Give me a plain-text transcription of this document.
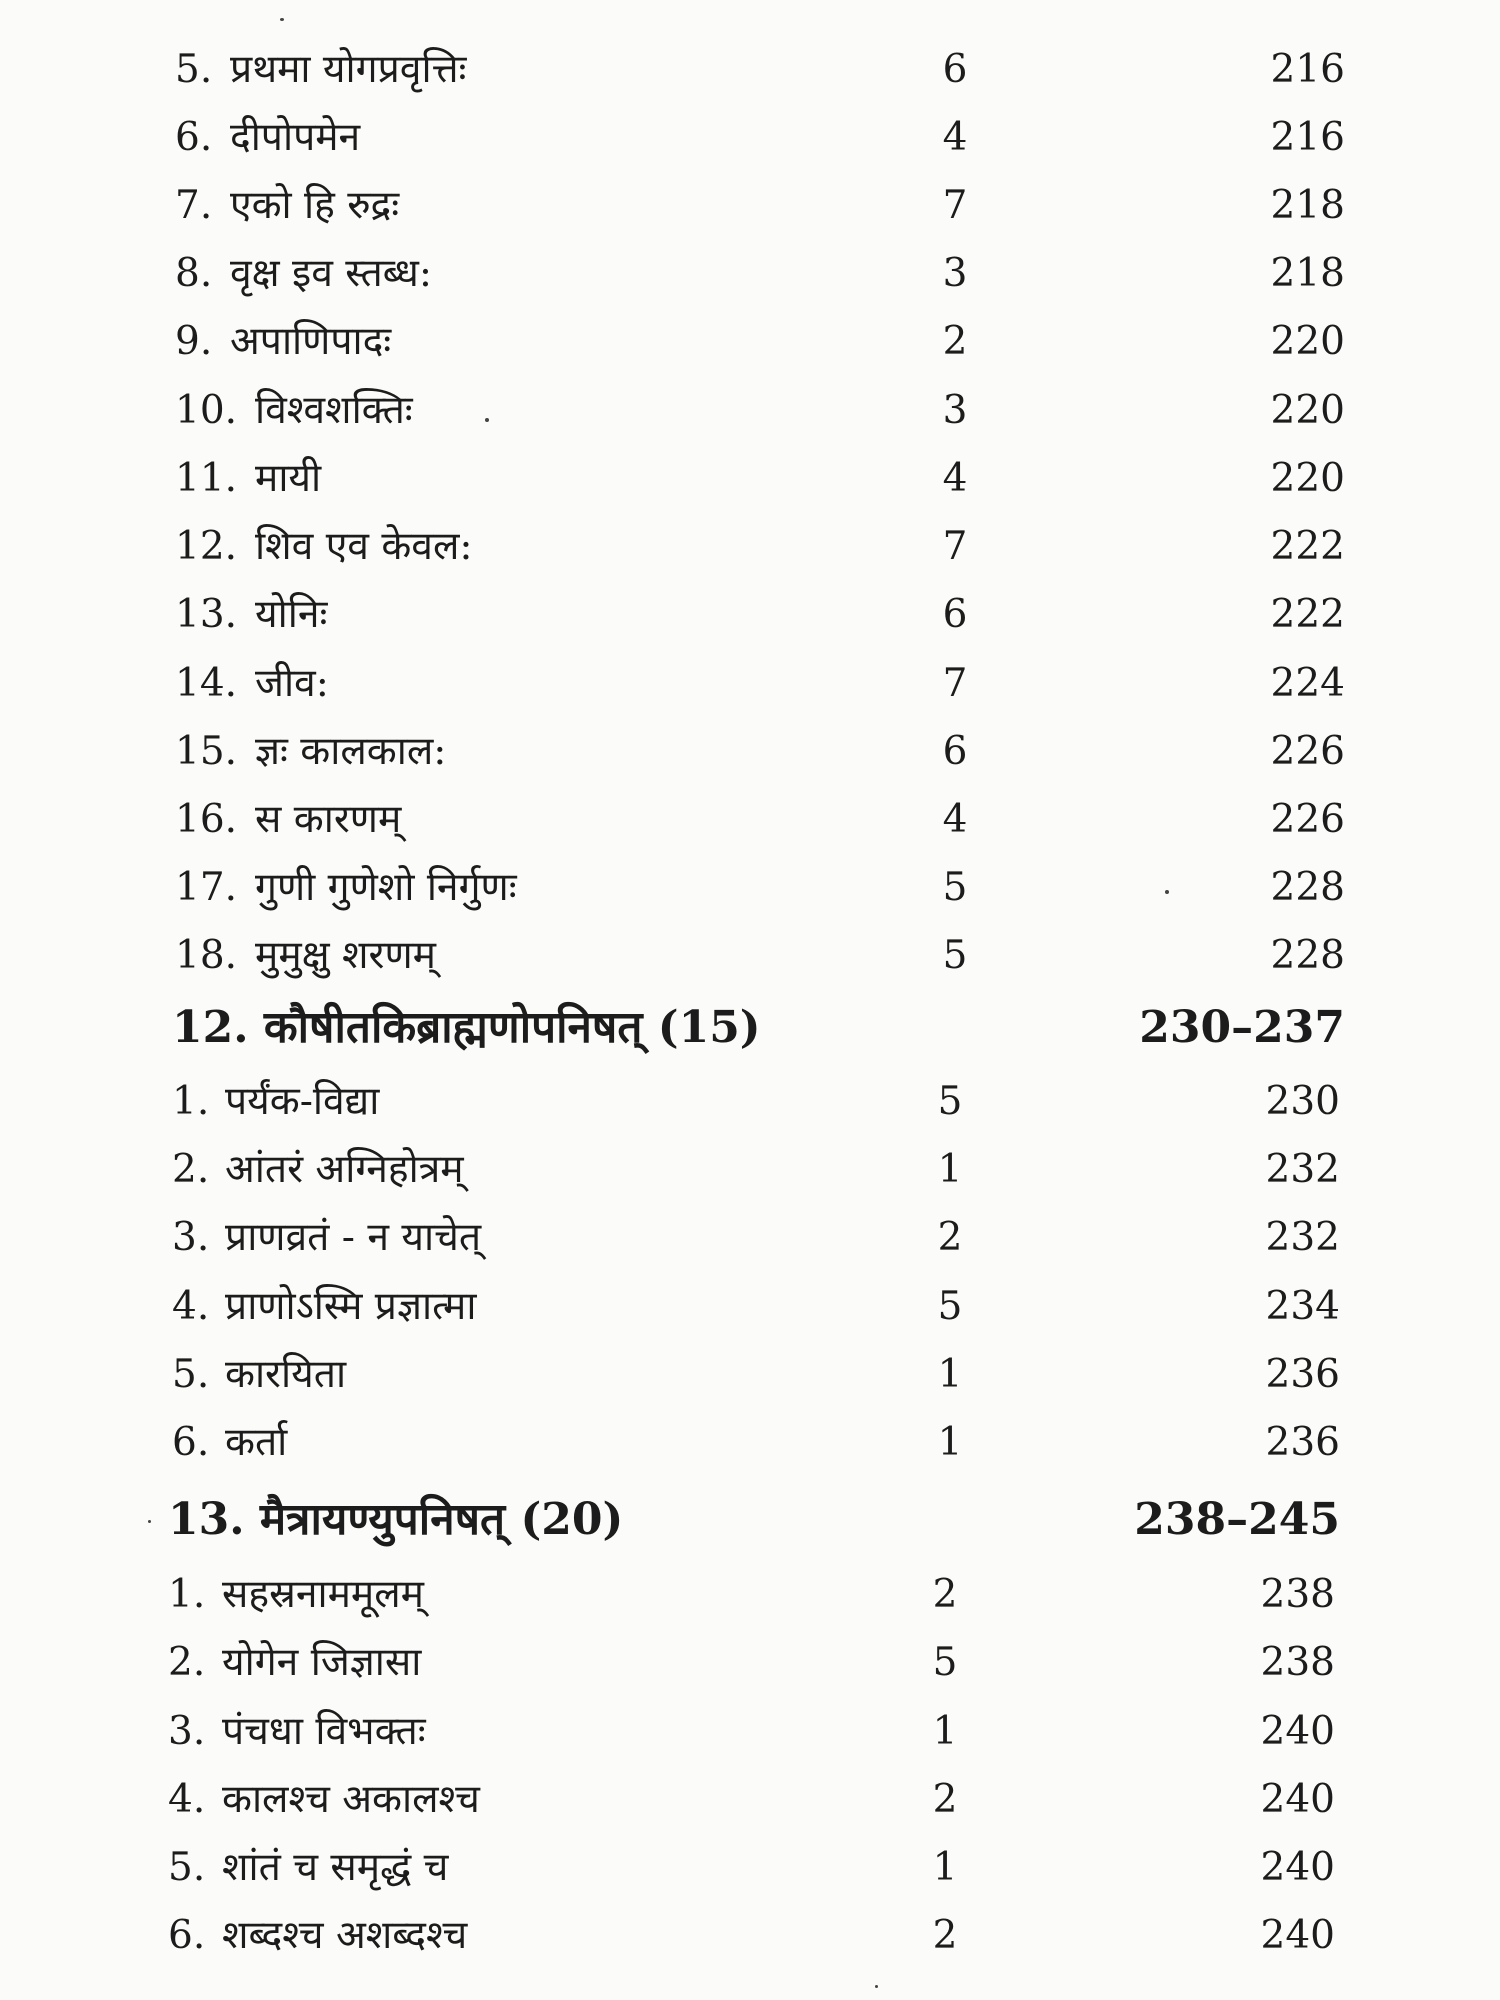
5. प्रथमा योगप्रवृत्तिः	6	216
6. दीपोपमेन	4	216
7. एको हि रुद्रः	7	218
8. वृक्ष इव स्तब्ध:	3	218
9. अपाणिपादः	2	220
10. विश्वशक्तिः	3	220
11. मायी	4	220
12. शिव एव केवल:	7	222
13. योनिः	6	222
14. जीव:	7	224
15. ज्ञः कालकाल:	6	226
16. स कारणम्	4	226
17. गुणी गुणेशो निर्गुणः	5	228
18. मुमुक्षु शरणम्	5	228
12. कौषीतकिब्राह्मणोपनिषत् (15)	230–237
1. पर्यंक-विद्या	5	230
2. आंतरं अग्निहोत्रम्	1	232
3. प्राणव्रतं - न याचेत्	2	232
4. प्राणोऽस्मि प्रज्ञात्मा	5	234
5. कारयिता	1	236
6. कर्ता	1	236
13. मैत्रायण्युपनिषत् (20)	238–245
1. सहस्रनाममूलम्	2	238
2. योगेन जिज्ञासा	5	238
3. पंचधा विभक्तः	1	240
4. कालश्च अकालश्च	2	240
5. शांतं च समृद्धं च	1	240
6. शब्दश्च अशब्दश्च	2	240
